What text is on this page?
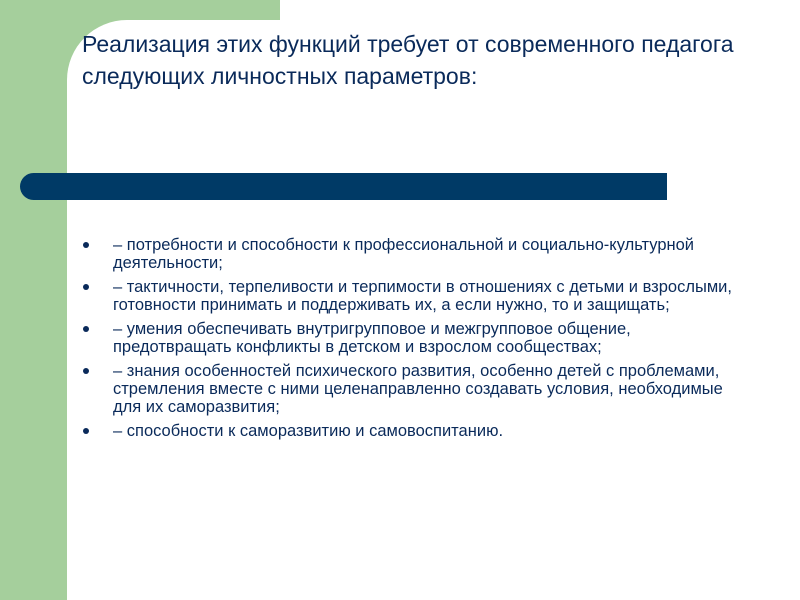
Реализация этих функций требует от современного педагога следующих личностных параметров:
– потребности и способности к профессиональной и социально-культурной деятельности;
– тактичности, терпеливости и терпимости в отношениях с детьми и взрослыми, готовности принимать и поддерживать их, а если нужно, то и защищать;
– умения обеспечивать внутригрупповое и межгрупповое общение, предотвращать конфликты в детском и взрослом сообществах;
– знания особенностей психического развития, особенно детей с проблемами, стремления вместе с ними целенаправленно создавать условия, необходимые для их саморазвития;
– способности к саморазвитию и самовоспитанию.
